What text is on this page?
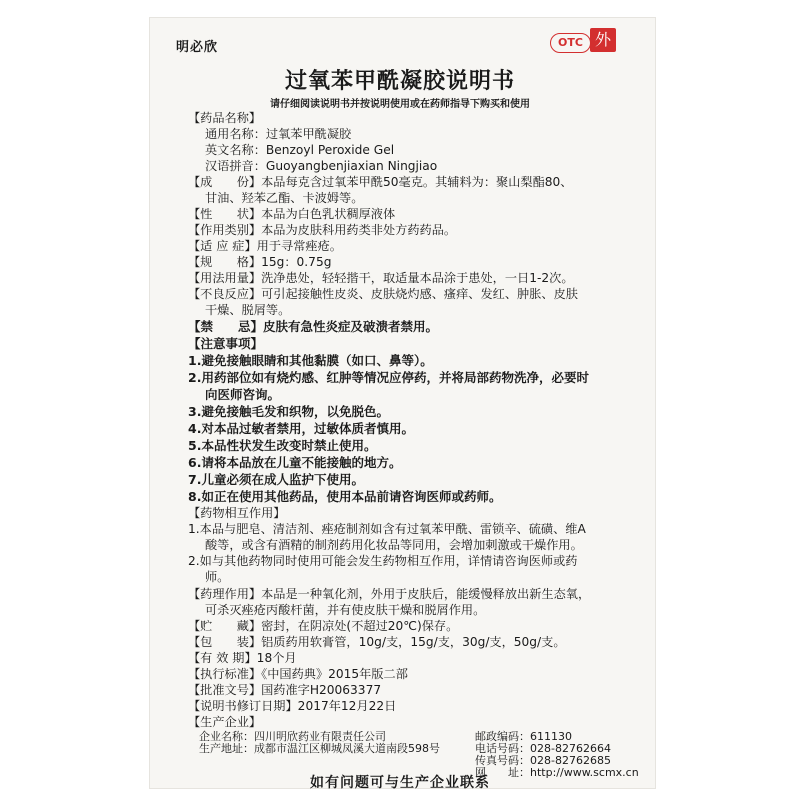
明必欣	OTC 外
过氧苯甲酰凝胶说明书
请仔细阅读说明书并按说明使用或在药师指导下购买和使用
【药品名称】
通用名称：过氧苯甲酰凝胶
英文名称：Benzoyl Peroxide Gel
汉语拼音：Guoyangbenjiaxian Ningjiao
【成　　份】本品每克含过氧苯甲酰50毫克。其辅料为：聚山梨酯80、
甘油、羟苯乙酯、卡波姆等。
【性　　状】本品为白色乳状稠厚液体
【作用类别】本品为皮肤科用药类非处方药药品。
【适 应 症】用于寻常痤疮。
【规　　格】15g：0.75g
【用法用量】洗净患处，轻轻揩干，取适量本品涂于患处，一日1-2次。
【不良反应】可引起接触性皮炎、皮肤烧灼感、瘙痒、发红、肿胀、皮肤
干燥、脱屑等。
【禁　　忌】皮肤有急性炎症及破溃者禁用。
【注意事项】
1.避免接触眼睛和其他黏膜（如口、鼻等）。
2.用药部位如有烧灼感、红肿等情况应停药，并将局部药物洗净，必要时
向医师咨询。
3.避免接触毛发和织物，以免脱色。
4.对本品过敏者禁用，过敏体质者慎用。
5.本品性状发生改变时禁止使用。
6.请将本品放在儿童不能接触的地方。
7.儿童必须在成人监护下使用。
8.如正在使用其他药品，使用本品前请咨询医师或药师。
【药物相互作用】
1.本品与肥皂、清洁剂、痤疮制剂如含有过氧苯甲酰、雷锁辛、硫磺、维A
酸等，或含有酒精的制剂药用化妆品等同用，会增加刺激或干燥作用。
2.如与其他药物同时使用可能会发生药物相互作用，详情请咨询医师或药
师。
【药理作用】本品是一种氧化剂，外用于皮肤后，能缓慢释放出新生态氧，
可杀灭痤疮丙酸杆菌，并有使皮肤干燥和脱屑作用。
【贮　　藏】密封，在阴凉处(不超过20℃)保存。
【包　　装】铝质药用软膏管，10g/支，15g/支，30g/支，50g/支。
【有 效 期】18个月
【执行标准】《中国药典》2015年版二部
【批准文号】国药准字H20063377
【说明书修订日期】2017年12月22日
【生产企业】
企业名称：四川明欣药业有限责任公司
生产地址：成都市温江区柳城凤溪大道南段598号
邮政编码：611130
电话号码：028-82762664
传真号码：028-82762685
网　　址：http://www.scmx.cn
如有问题可与生产企业联系
